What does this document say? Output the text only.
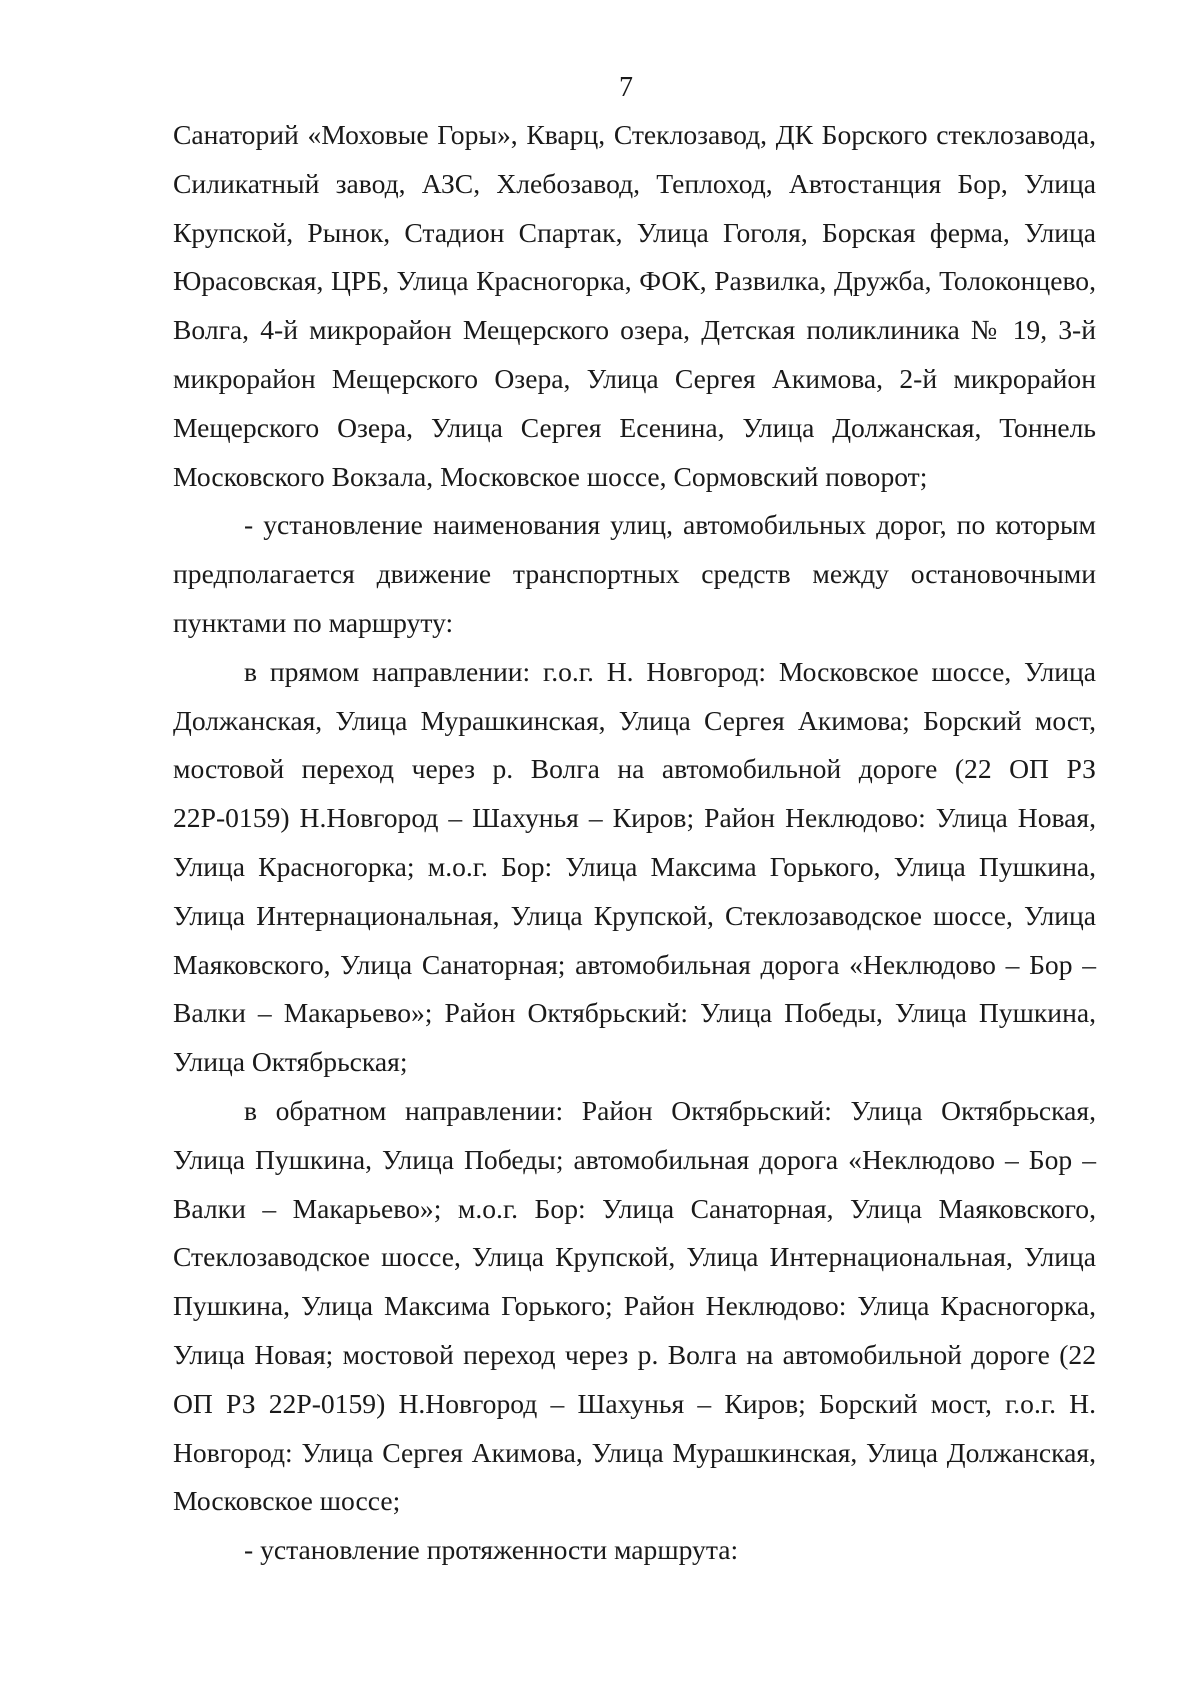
7

Санаторий «Моховые Горы», Кварц, Стеклозавод, ДК Борского стеклозавода, Силикатный завод, АЗС, Хлебозавод, Теплоход, Автостанция Бор, Улица Крупской, Рынок, Стадион Спартак, Улица Гоголя, Борская ферма, Улица Юрасовская, ЦРБ, Улица Красногорка, ФОК, Развилка, Дружба, Толоконцево, Волга, 4-й микрорайон Мещерского озера, Детская поликлиника № 19, 3-й микрорайон Мещерского Озера, Улица Сергея Акимова, 2-й микрорайон Мещерского Озера, Улица Сергея Есенина, Улица Должанская, Тоннель Московского Вокзала, Московское шоссе, Сормовский поворот;

- установление наименования улиц, автомобильных дорог, по которым предполагается движение транспортных средств между остановочными пунктами по маршруту:

в прямом направлении: г.о.г. Н. Новгород: Московское шоссе, Улица Должанская, Улица Мурашкинская, Улица Сергея Акимова; Борский мост, мостовой переход через р. Волга на автомобильной дороге (22 ОП РЗ 22Р-0159) Н.Новгород – Шахунья – Киров; Район Неклюдово: Улица Новая, Улица Красногорка; м.о.г. Бор: Улица Максима Горького, Улица Пушкина, Улица Интернациональная, Улица Крупской, Стеклозаводское шоссе, Улица Маяковского, Улица Санаторная; автомобильная дорога «Неклюдово – Бор – Валки – Макарьево»; Район Октябрьский: Улица Победы, Улица Пушкина, Улица Октябрьская;

в обратном направлении: Район Октябрьский: Улица Октябрьская, Улица Пушкина, Улица Победы; автомобильная дорога «Неклюдово – Бор – Валки – Макарьево»; м.о.г. Бор: Улица Санаторная, Улица Маяковского, Стеклозаводское шоссе, Улица Крупской, Улица Интернациональная, Улица Пушкина, Улица Максима Горького; Район Неклюдово: Улица Красногорка, Улица Новая; мостовой переход через р. Волга на автомобильной дороге (22 ОП РЗ 22Р-0159) Н.Новгород – Шахунья – Киров; Борский мост, г.о.г. Н. Новгород: Улица Сергея Акимова, Улица Мурашкинская, Улица Должанская, Московское шоссе;

- установление протяженности маршрута:
